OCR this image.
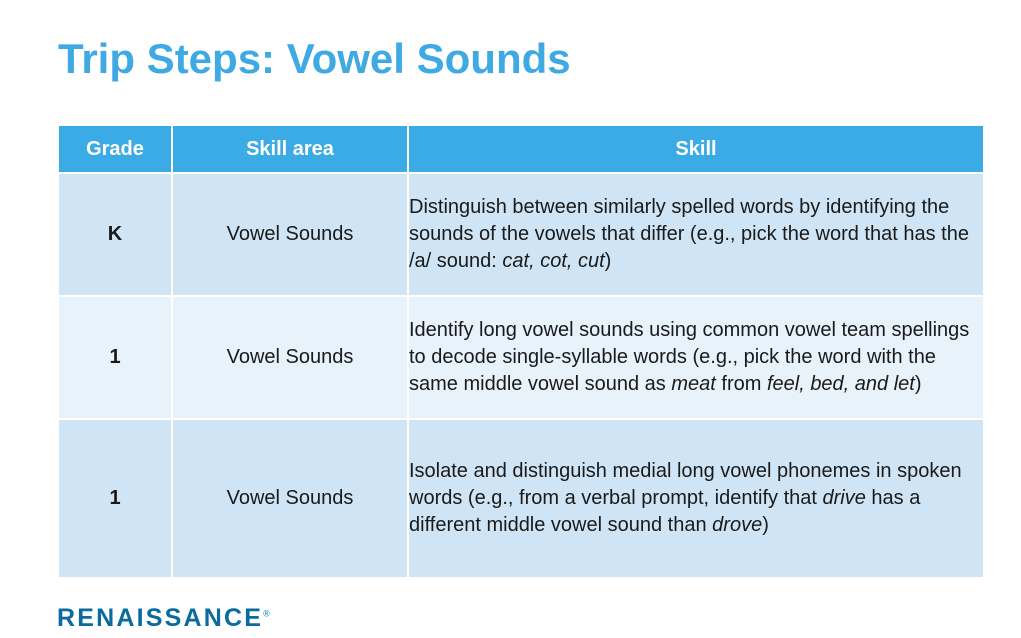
Trip Steps: Vowel Sounds
Grade	Skill area	Skill
K	Vowel Sounds	Distinguish between similarly spelled words by identifying the sounds of the vowels that differ (e.g., pick the word that has the /a/ sound: cat, cot, cut)
1	Vowel Sounds	Identify long vowel sounds using common vowel team spellings to decode single-syllable words (e.g., pick the word with the same middle vowel sound as meat from feel, bed, and let)
1	Vowel Sounds	Isolate and distinguish medial long vowel phonemes in spoken words (e.g., from a verbal prompt, identify that drive has a different middle vowel sound than drove)
RENAISSANCE®
